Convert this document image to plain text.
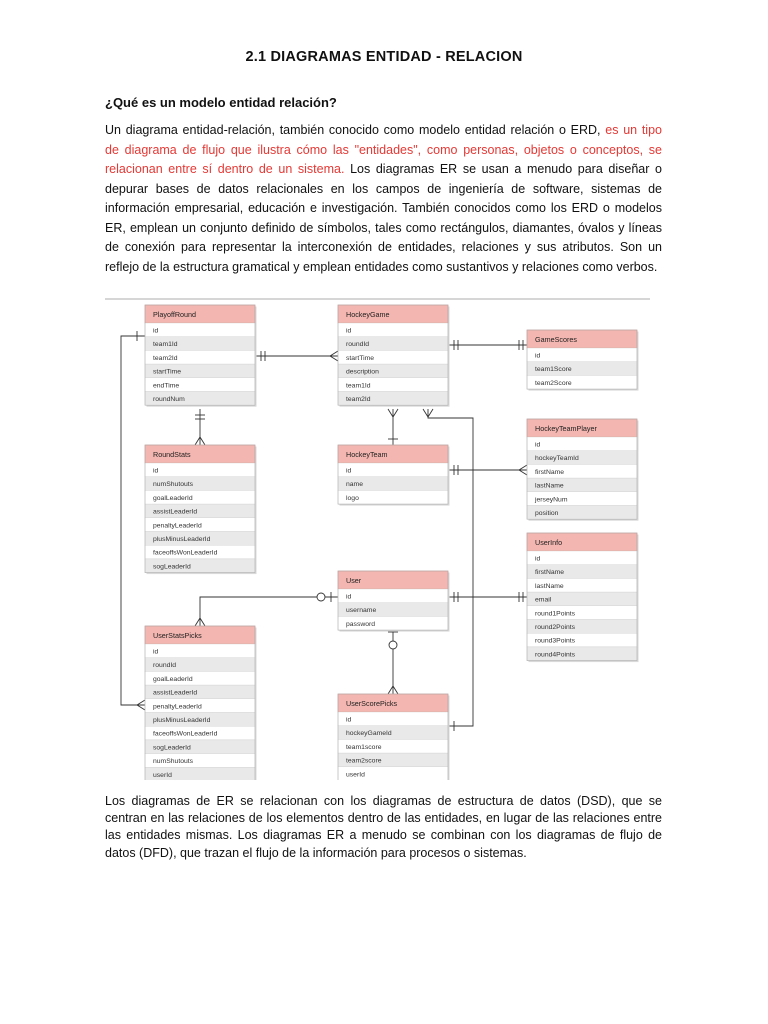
2.1 DIAGRAMAS ENTIDAD - RELACION
¿Qué es un modelo entidad relación?

Un diagrama entidad-relación, también conocido como modelo entidad relación o ERD, es un tipo de diagrama de flujo que ilustra cómo las "entidades", como personas, objetos o conceptos, se relacionan entre sí dentro de un sistema. Los diagramas ER se usan a menudo para diseñar o depurar bases de datos relacionales en los campos de ingeniería de software, sistemas de información empresarial, educación e investigación. También conocidos como los ERD o modelos ER, emplean un conjunto definido de símbolos, tales como rectángulos, diamantes, óvalos y líneas de conexión para representar la interconexión de entidades, relaciones y sus atributos. Son un reflejo de la estructura gramatical y emplean entidades como sustantivos y relaciones como verbos.

PlayoffRound
id
team1Id
team2Id
startTime
endTime
roundNum
HockeyGame
id
roundId
startTime
description
team1Id
team2Id
GameScores
id
team1Score
team2Score
RoundStats
id
numShutouts
goalLeaderId
assistLeaderId
penaltyLeaderId
plusMinusLeaderId
faceoffsWonLeaderId
sogLeaderId
HockeyTeam
id
name
logo
HockeyTeamPlayer
id
hockeyTeamId
firstName
lastName
jerseyNum
position
User
id
username
password
UserInfo
id
firstName
lastName
email
round1Points
round2Points
round3Points
round4Points
UserStatsPicks
id
roundId
goalLeaderId
assistLeaderId
penaltyLeaderId
plusMinusLeaderId
faceoffsWonLeaderId
sogLeaderId
numShutouts
userId
UserScorePicks
id
hockeyGameId
team1score
team2score
userId

Los diagramas de ER se relacionan con los diagramas de estructura de datos (DSD), que se centran en las relaciones de los elementos dentro de las entidades, en lugar de las relaciones entre las entidades mismas. Los diagramas ER a menudo se combinan con los diagramas de flujo de datos (DFD), que trazan el flujo de la información para procesos o sistemas.
